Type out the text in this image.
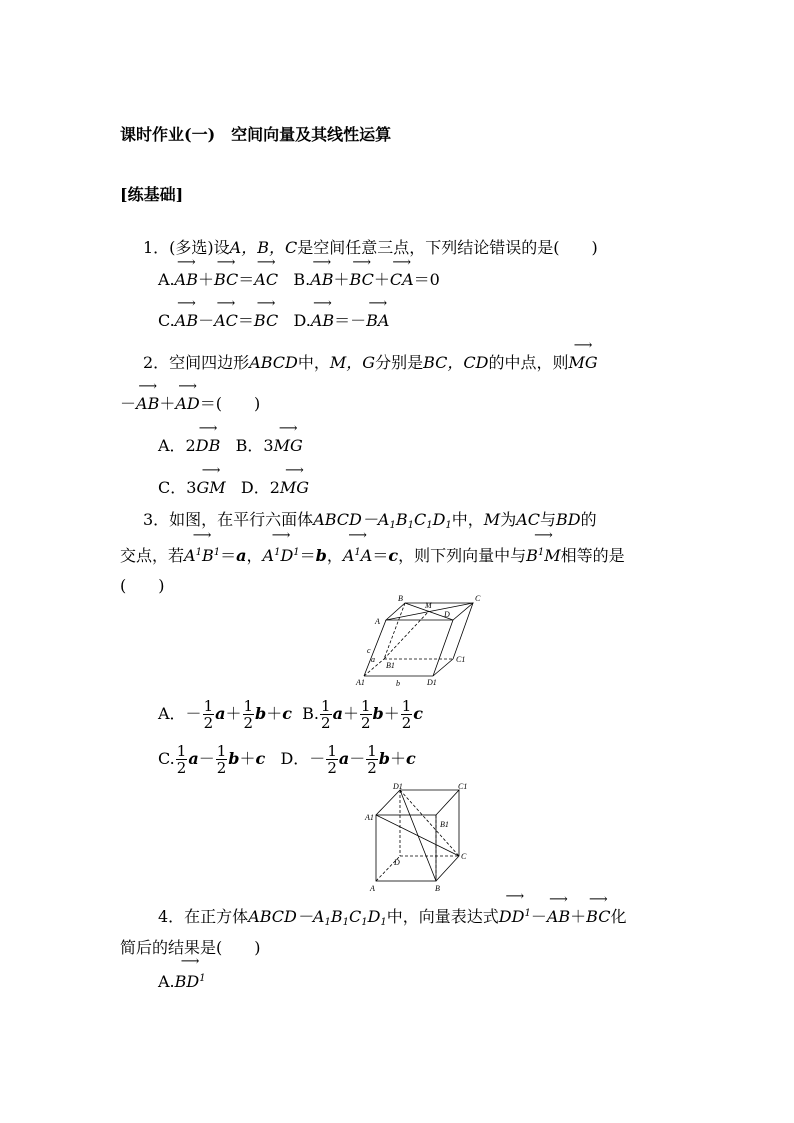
课时作业(一)　空间向量及其线性运算
[练基础]
1．(多选)设A，B，C是空间任意三点，下列结论错误的是(　　)
A.⟶ AB＋⟶ BC＝⟶ AC B.⟶ AB＋⟶ BC＋⟶ CA＝0
C.⟶ AB－⟶ AC＝⟶ BC D.⟶ AB＝－⟶ BA
2．空间四边形ABCD中，M，G分别是BC，CD的中点，则⟶ MG
－⟶ AB＋⟶ AD＝(　　)
A．2⟶ DB B．3⟶ MG
C．3⟶ GM D．2⟶ MG
3．如图，在平行六面体$ABCD-A_1B_1C_1D_1$中，M为AC与BD的
交点，若⟶ $A^1B^1=a$，⟶ $A^1D^1=b$，⟶ $A^1A=c$，则下列向量中与⟶ $B^1M$相等的是
(　　)
B
M
D
C
A
c
a
B1
C1
A1	b	D1
A．－ $\frac{1}{2} a+ \frac{1}{2} b+c$ B. $\frac{1}{2} a+ \frac{1}{2} b+ \frac{1}{2}$ c
C. $\frac{1}{2} a- \frac{1}{2} b+c$ D．－ $\frac{1}{2} a- \frac{1}{2} b+c$
D1	C1
A1
B1
D
C
A	B
4．在正方体$ABCD-A_1B_1C_1D_1$中，向量表达式⟶ $DD^1-⟶$ AB＋⟶ BC化
简后的结果是(　　)
A.⟶ $BD^1$
